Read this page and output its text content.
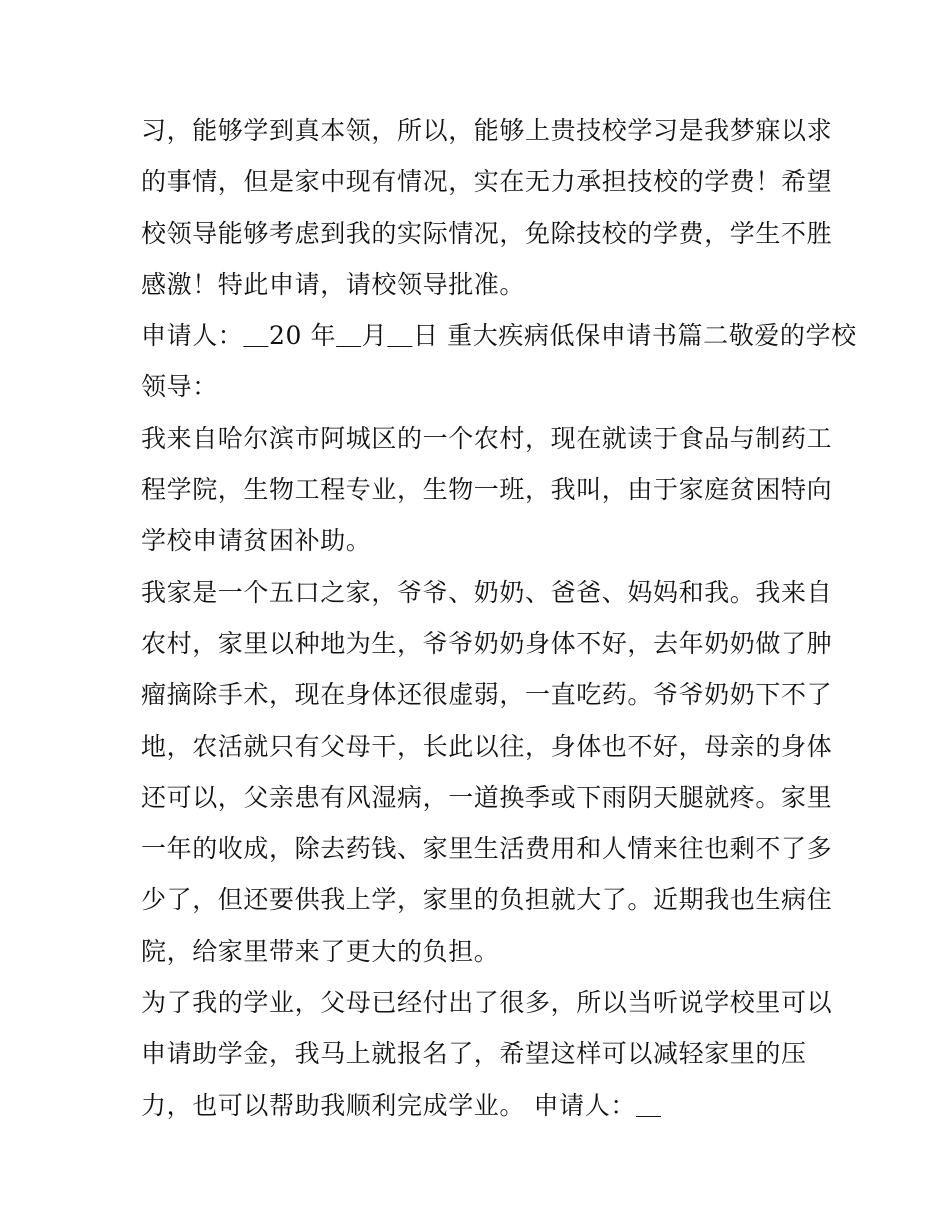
习，能够学到真本领，所以，能够上贵技校学习是我梦寐以求
的事情，但是家中现有情况，实在无力承担技校的学费！希望
校领导能够考虑到我的实际情况，免除技校的学费，学生不胜
感激！特此申请，请校领导批准。
申请人：＿20 年＿月＿日 重大疾病低保申请书篇二敬爱的学校
领导：
我来自哈尔滨市阿城区的一个农村，现在就读于食品与制药工
程学院，生物工程专业，生物一班，我叫，由于家庭贫困特向
学校申请贫困补助。
我家是一个五口之家，爷爷、奶奶、爸爸、妈妈和我。我来自
农村，家里以种地为生，爷爷奶奶身体不好，去年奶奶做了肿
瘤摘除手术，现在身体还很虚弱，一直吃药。爷爷奶奶下不了
地，农活就只有父母干，长此以往，身体也不好，母亲的身体
还可以，父亲患有风湿病，一道换季或下雨阴天腿就疼。家里
一年的收成，除去药钱、家里生活费用和人情来往也剩不了多
少了，但还要供我上学，家里的负担就大了。近期我也生病住
院，给家里带来了更大的负担。
为了我的学业，父母已经付出了很多，所以当听说学校里可以
申请助学金，我马上就报名了，希望这样可以减轻家里的压
力，也可以帮助我顺利完成学业。 申请人：＿
